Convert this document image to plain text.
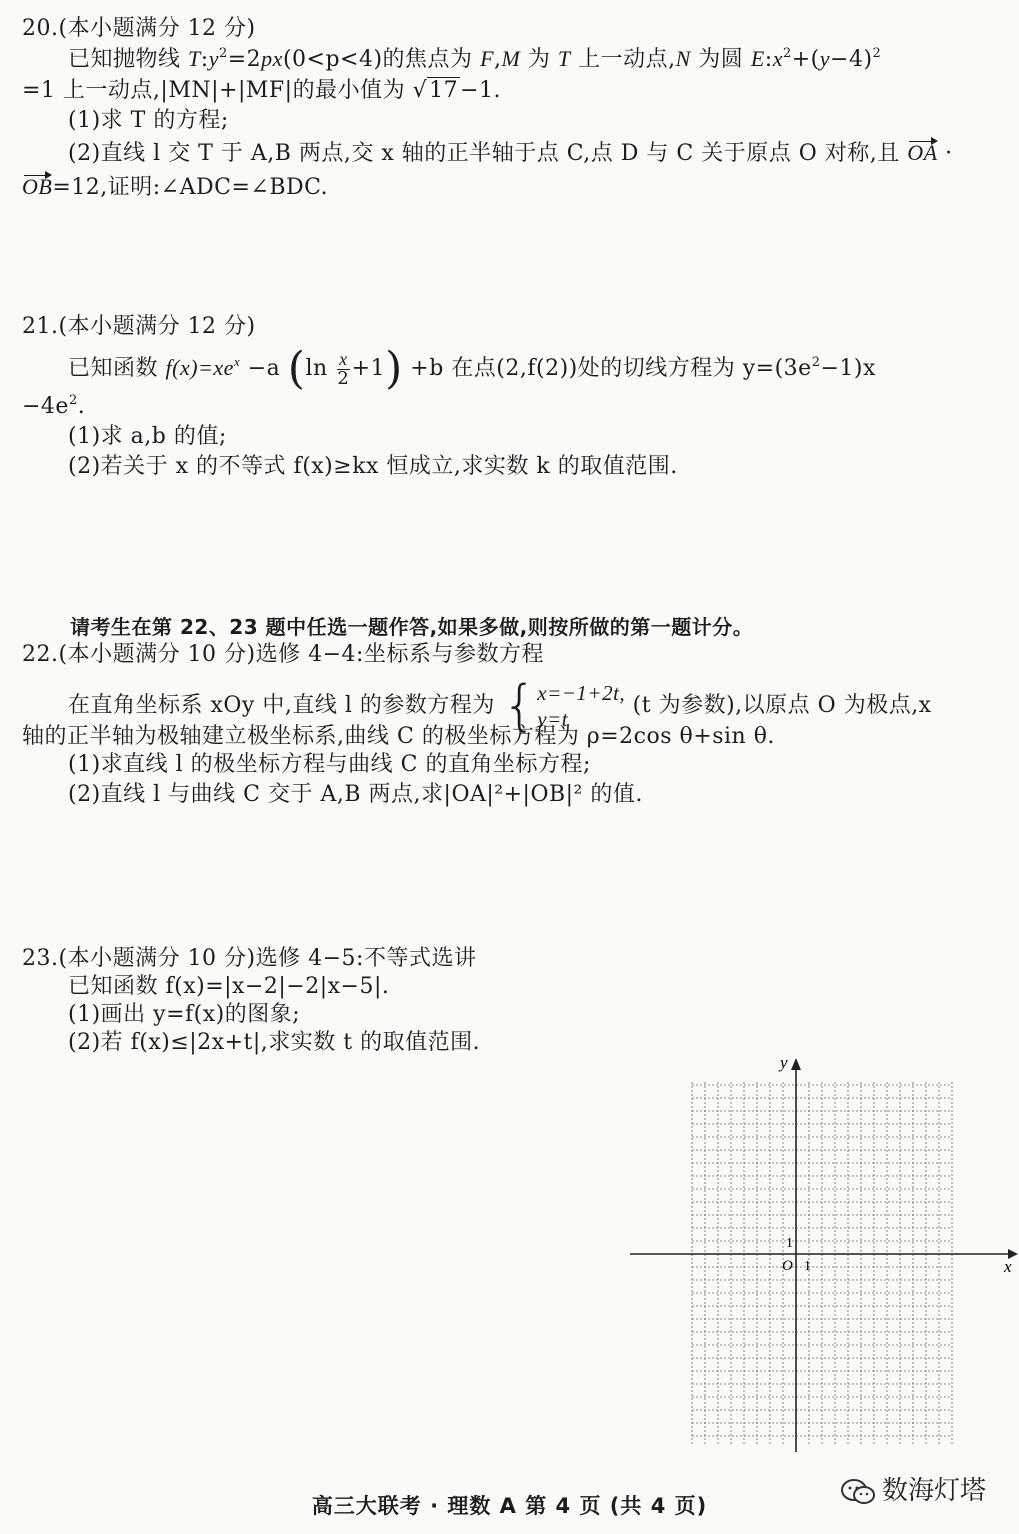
20.(本小题满分 12 分)
已知抛物线 $T:y^2=2px(0<p<4)$的焦点为 F,M 为 T 上一动点,N 为圆 $E:x^2+(y-4)^2$
=1 上一动点,|MN|+|MF|的最小值为 √17−1.
(1)求 T 的方程;
(2)直线 l 交 T 于 A,B 两点,交 x 轴的正半轴于点 C,点 D 与 C 关于原点 O 对称,且 OA ·
OB=12,证明:∠ADC=∠BDC.
21.(本小题满分 12 分)
已知函数 $f(x)=xe^x -a$ $(\ln \frac{x}{2} +1) +b$ 在点(2,f(2))处的切线方程为 $y=(3e^2-1)x$
$-4e^2$.
(1)求 a,b 的值;
(2)若关于 x 的不等式 f(x)≥kx 恒成立,求实数 k 的取值范围.
请考生在第 22、23 题中任选一题作答,如果多做,则按所做的第一题计分。
22.(本小题满分 10 分)选修 4−4:坐标系与参数方程
在直角坐标系 xOy 中,直线 l 的参数方程为 { x=−1+2t,
y=t
(t 为参数),以原点 O 为极点,x
轴的正半轴为极轴建立极坐标系,曲线 C 的极坐标方程为 ρ=2cos θ+sin θ.
(1)求直线 l 的极坐标方程与曲线 C 的直角坐标方程;
(2)直线 l 与曲线 C 交于 A,B 两点,求|OA|²+|OB|² 的值.
23.(本小题满分 10 分)选修 4−5:不等式选讲
已知函数 f(x)=|x−2|−2|x−5|.
(1)画出 y=f(x)的图象;
(2)若 f(x)≤|2x+t|,求实数 t 的取值范围.
x
y
O 1
1
数海灯塔
高三大联考 · 理数 A 第 4 页 (共 4 页)
